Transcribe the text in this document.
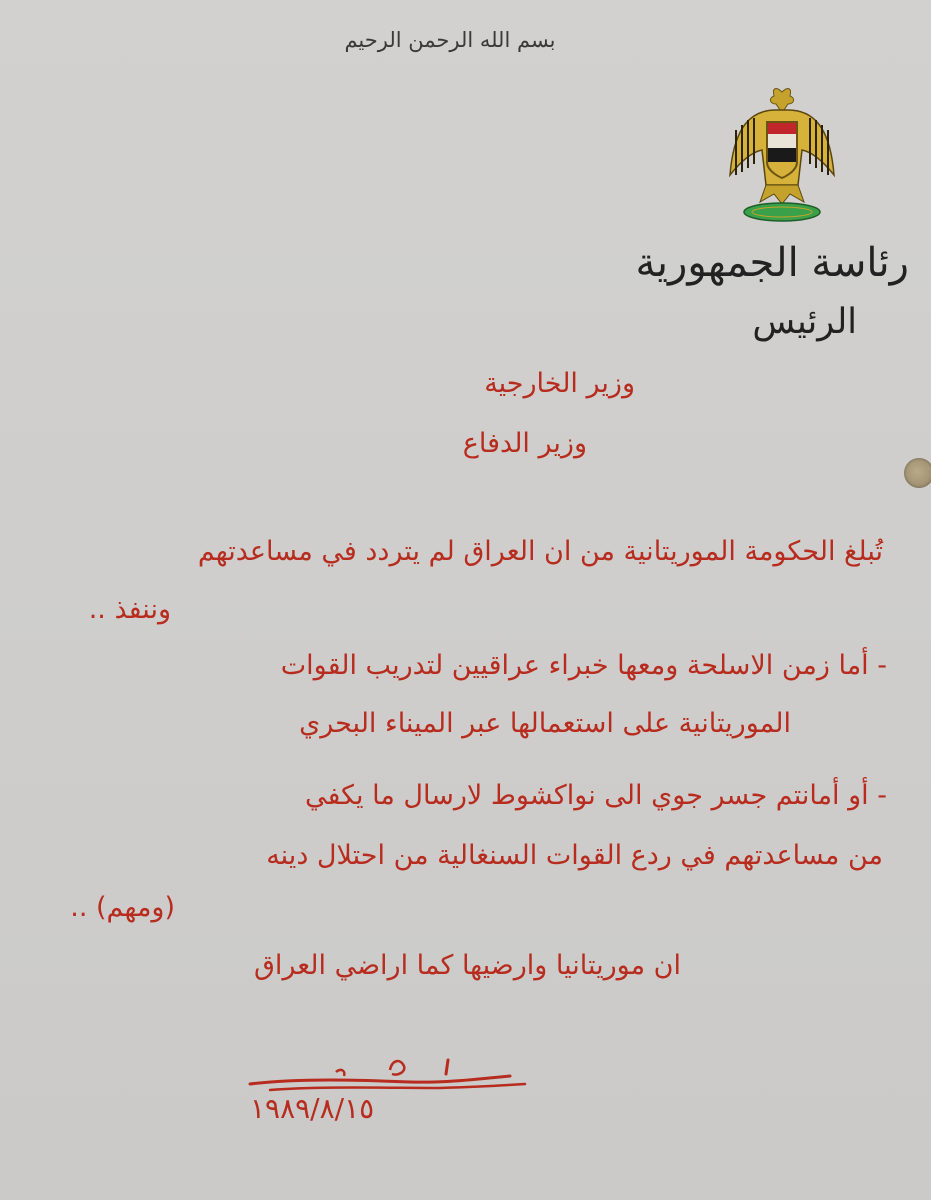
بسم الله الرحمن الرحيم
رئاسة الجمهورية
الرئيس
وزير الخارجية
وزير الدفاع
تُبلغ الحكومة الموريتانية من ان العراق لم يتردد في مساعدتهم
وننفذ ..
- أما زمن الاسلحة ومعها خبراء عراقيين لتدريب القوات
الموريتانية على استعمالها عبر الميناء البحري
- أو أمانتم جسر جوي الى نواكشوط لارسال ما يكفي
من مساعدتهم في ردع القوات السنغالية من احتلال دينه
(ومهم) ..
ان موريتانيا وارضيها كما اراضي العراق
١٩٨٩/٨/١٥
